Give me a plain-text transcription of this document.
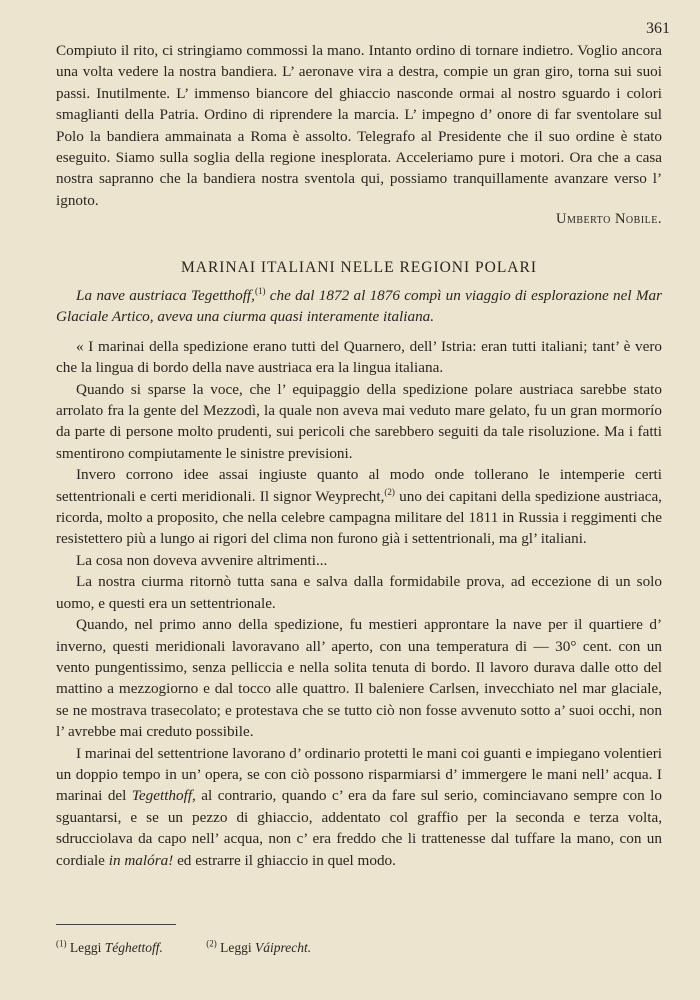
361

Compiuto il rito, ci stringiamo commossi la mano. Intanto ordino di tornare indietro. Voglio ancora una volta vedere la nostra bandiera. L’ aeronave vira a destra, compie un gran giro, torna sui suoi passi. Inutilmente. L’ immenso biancore del ghiaccio nasconde ormai al nostro sguardo i colori smaglianti della Patria. Ordino di riprendere la marcia. L’ impegno d’ onore di far sventolare sul Polo la bandiera ammainata a Roma è assolto. Telegrafo al Presidente che il suo ordine è stato eseguito. Siamo sulla soglia della regione inesplorata. Acceleriamo pure i motori. Ora che a casa nostra sapranno che la bandiera nostra sventola qui, possiamo tranquillamente avanzare verso l’ ignoto.

Umberto Nobile.
MARINAI ITALIANI NELLE REGIONI POLARI

La nave austriaca Tegetthoff,$^{(1)}$ che dal 1872 al 1876 compì un viaggio di esplorazione nel Mar Glaciale Artico, aveva una ciurma quasi interamente italiana.

« I marinai della spedizione erano tutti del Quarnero, dell’ Istria: eran tutti italiani; tant’ è vero che la lingua di bordo della nave austriaca era la lingua italiana.

Quando si sparse la voce, che l’ equipaggio della spedizione polare austriaca sarebbe stato arrolato fra la gente del Mezzodì, la quale non aveva mai veduto mare gelato, fu un gran mormorío da parte di persone molto prudenti, sui pericoli che sarebbero seguiti da tale risoluzione. Ma i fatti smentirono compiutamente le sinistre previsioni.

Invero corrono idee assai ingiuste quanto al modo onde tollerano le intemperie certi settentrionali e certi meridionali. Il signor Weyprecht,$^{(2)}$ uno dei capitani della spedizione austriaca, ricorda, molto a proposito, che nella celebre campagna militare del 1811 in Russia i reggimenti che resistettero più a lungo ai rigori del clima non furono già i settentrionali, ma gl’ italiani.

La cosa non doveva avvenire altrimenti...

La nostra ciurma ritornò tutta sana e salva dalla formidabile prova, ad eccezione di un solo uomo, e questi era un settentrionale.

Quando, nel primo anno della spedizione, fu mestieri approntare la nave per il quartiere d’ inverno, questi meridionali lavoravano all’ aperto, con una temperatura di — 30° cent. con un vento pungentissimo, senza pelliccia e nella solita tenuta di bordo. Il lavoro durava dalle otto del mattino a mezzogiorno e dal tocco alle quattro. Il baleniere Carlsen, invecchiato nel mar glaciale, se ne mostrava trasecolato; e protestava che se tutto ciò non fosse avvenuto sotto a’ suoi occhi, non l’ avrebbe mai creduto possibile.

I marinai del settentrione lavorano d’ ordinario protetti le mani coi guanti e impiegano volentieri un doppio tempo in un’ opera, se con ciò possono risparmiarsi d’ immergere le mani nell’ acqua. I marinai del Tegetthoff, al contrario, quando c’ era da fare sul serio, cominciavano sempre con lo sguantarsi, e se un pezzo di ghiaccio, addentato col graffio per la seconda e terza volta, sdrucciolava da capo nell’ acqua, non c’ era freddo che li trattenesse dal tuffare la mano, con un cordiale in malóra! ed estrarre il ghiaccio in quel modo.

$^{(1)}$ Leggi Téghettoff.	$^{(2)}$ Leggi Váiprecht.
